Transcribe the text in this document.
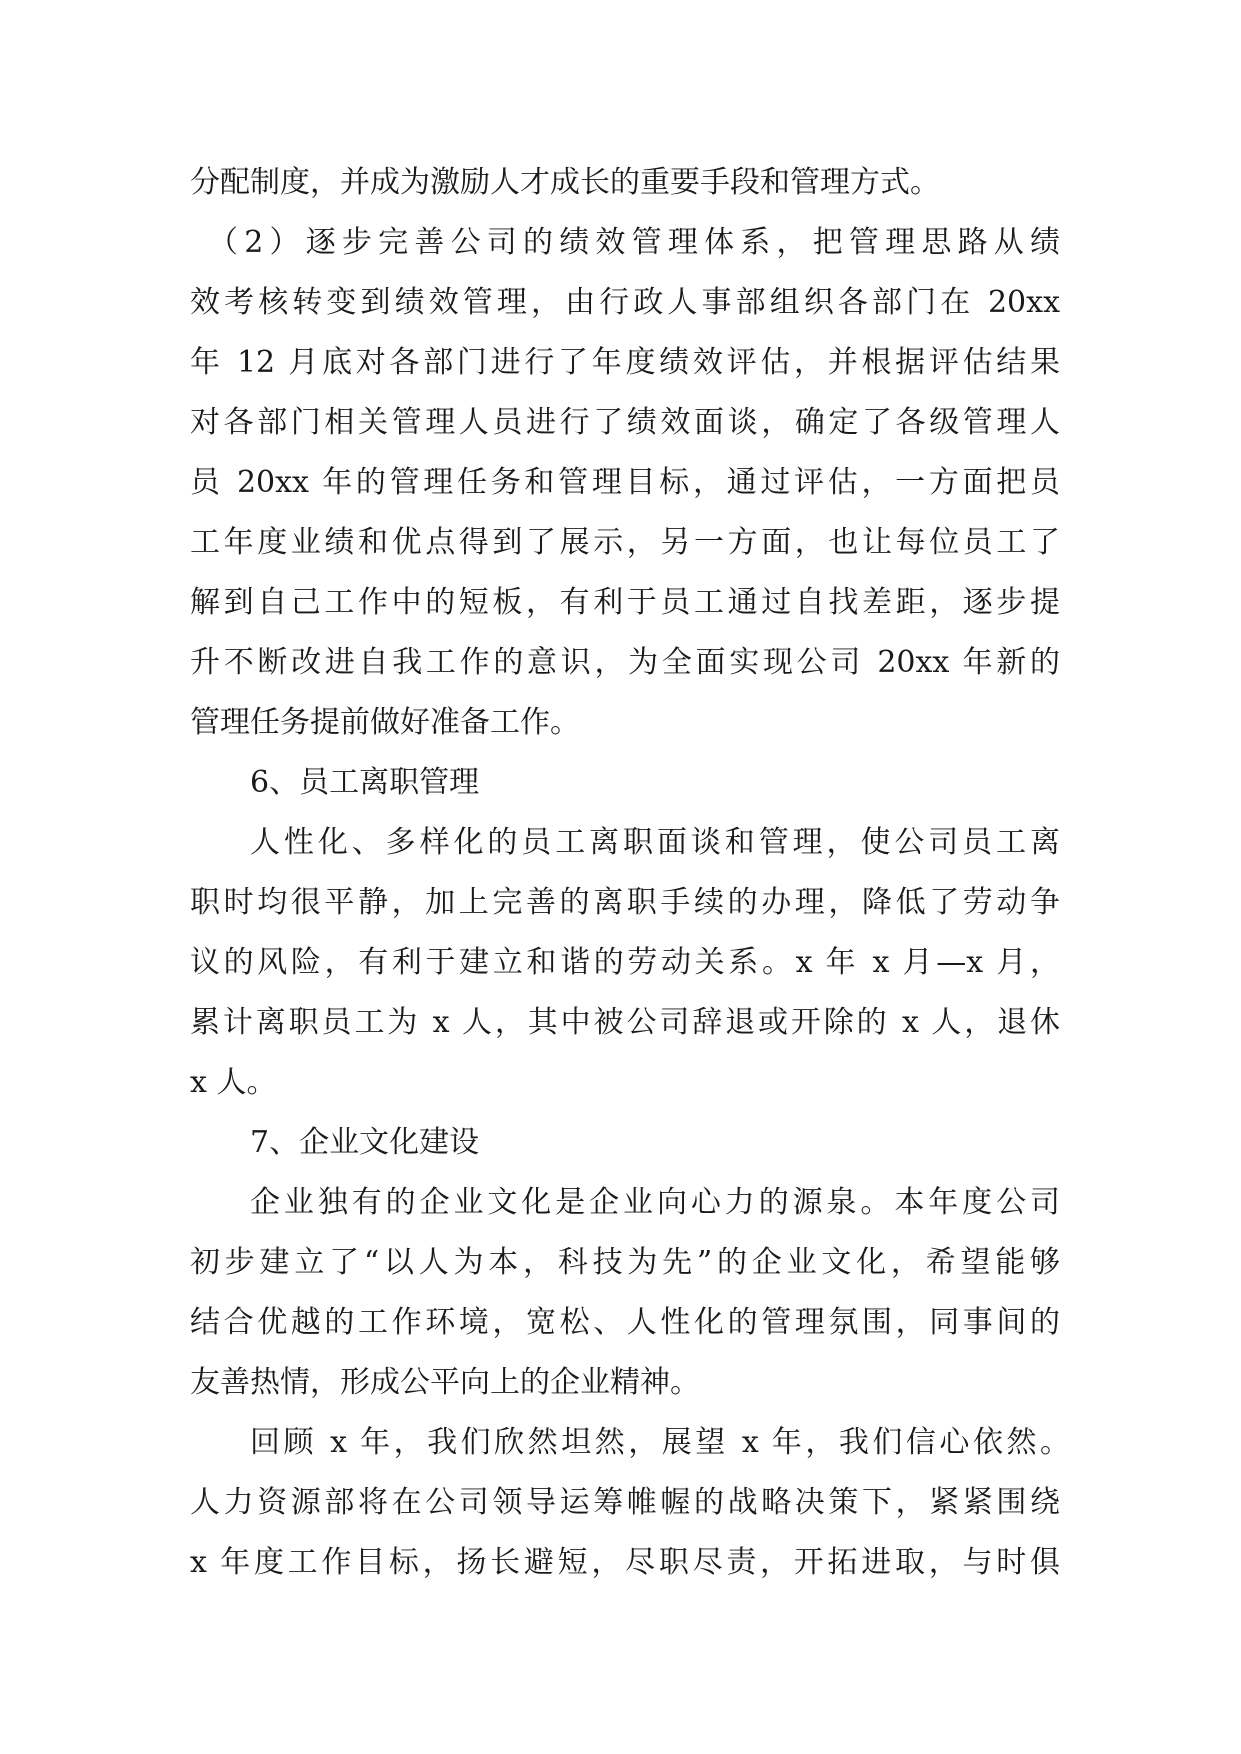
分配制度，并成为激励人才成长的重要手段和管理方式。
（2）逐步完善公司的绩效管理体系，把管理思路从绩
效考核转变到绩效管理，由行政人事部组织各部门在 20xx
年 12 月底对各部门进行了年度绩效评估，并根据评估结果
对各部门相关管理人员进行了绩效面谈，确定了各级管理人
员 20xx 年的管理任务和管理目标，通过评估，一方面把员
工年度业绩和优点得到了展示，另一方面，也让每位员工了
解到自己工作中的短板，有利于员工通过自找差距，逐步提
升不断改进自我工作的意识，为全面实现公司 20xx 年新的
管理任务提前做好准备工作。
6、员工离职管理
人性化、多样化的员工离职面谈和管理，使公司员工离
职时均很平静，加上完善的离职手续的办理，降低了劳动争
议的风险，有利于建立和谐的劳动关系。x 年 x 月—x 月，
累计离职员工为 x 人，其中被公司辞退或开除的 x 人，退休
x 人。
7、企业文化建设
企业独有的企业文化是企业向心力的源泉。本年度公司
初步建立了“以人为本，科技为先”的企业文化，希望能够
结合优越的工作环境，宽松、人性化的管理氛围，同事间的
友善热情，形成公平向上的企业精神。
回顾 x 年，我们欣然坦然，展望 x 年，我们信心依然。
人力资源部将在公司领导运筹帷幄的战略决策下，紧紧围绕
x 年度工作目标，扬长避短，尽职尽责，开拓进取，与时俱
